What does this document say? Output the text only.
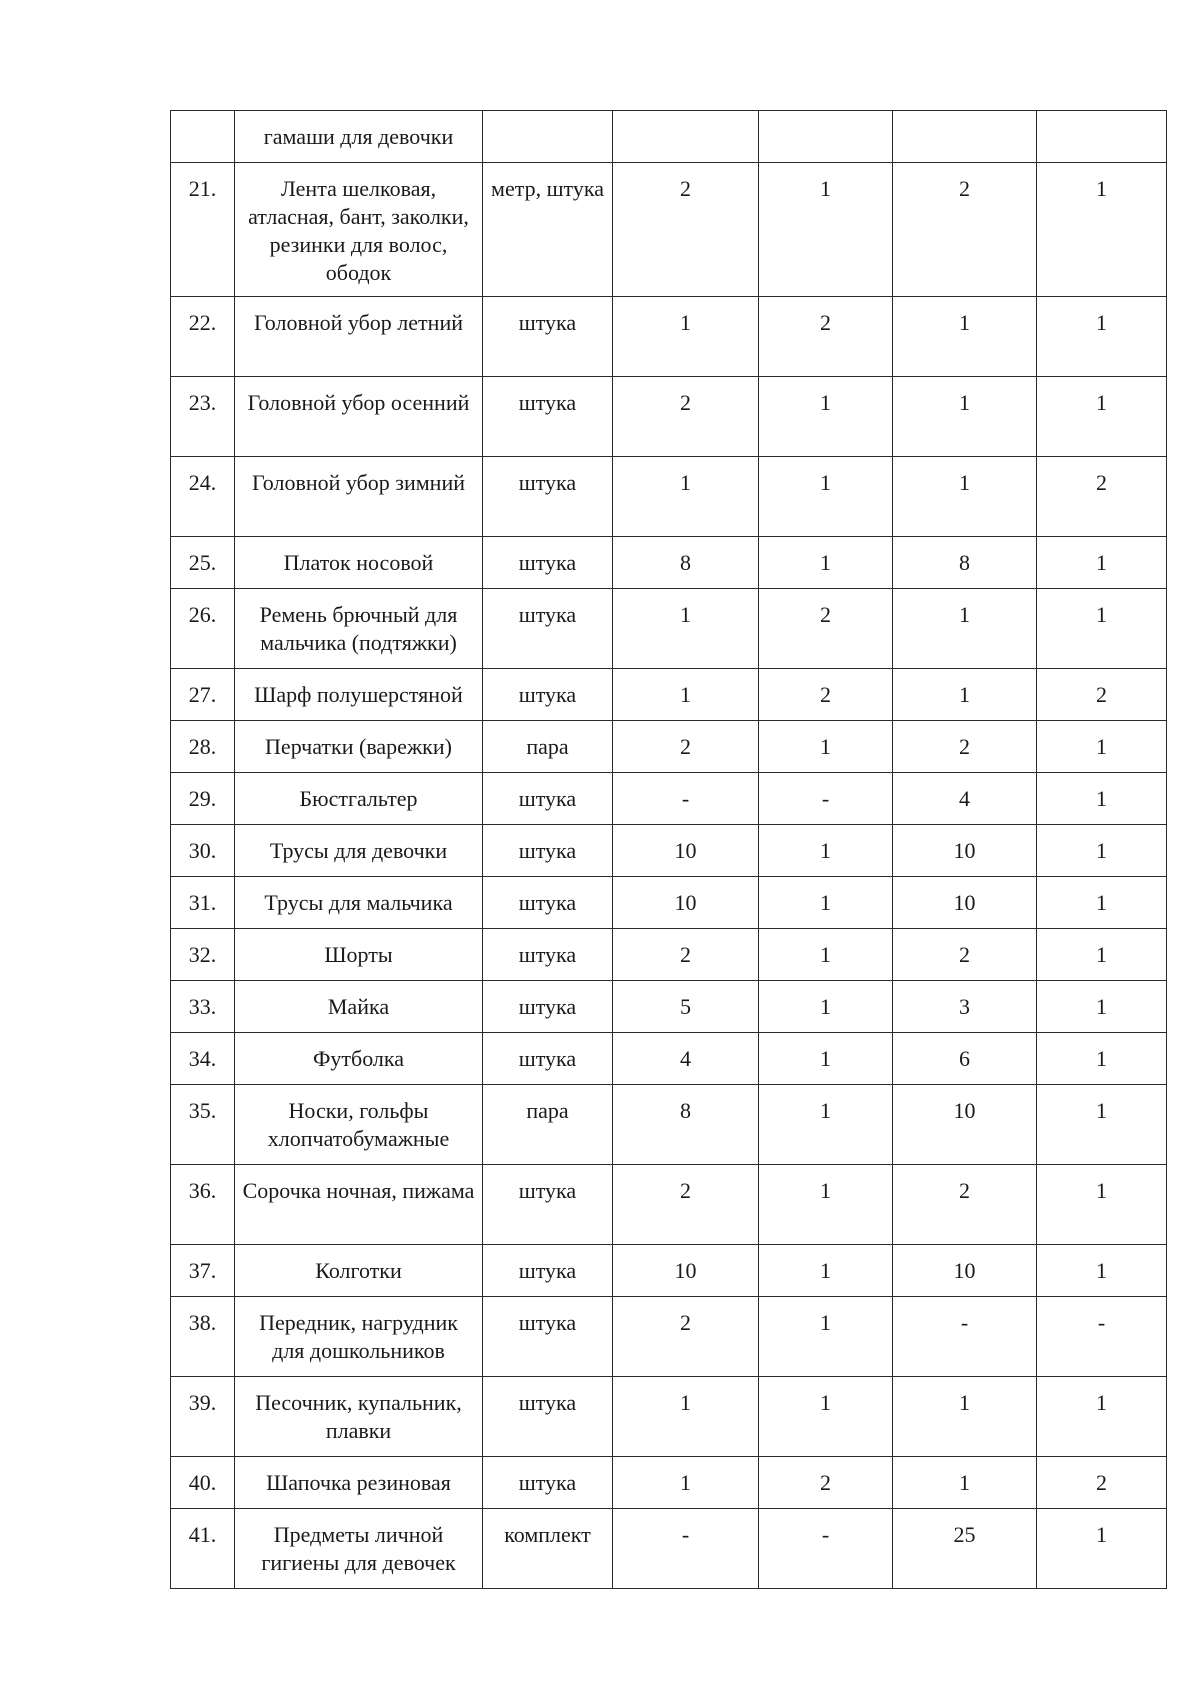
	гамаши для девочки					
21.	Лента шелковая, атласная, бант, заколки, резинки для волос, ободок	метр, штука	2	1	2	1
22.	Головной убор летний	штука	1	2	1	1
23.	Головной убор осенний	штука	2	1	1	1
24.	Головной убор зимний	штука	1	1	1	2
25.	Платок носовой	штука	8	1	8	1
26.	Ремень брючный для мальчика (подтяжки)	штука	1	2	1	1
27.	Шарф полушерстяной	штука	1	2	1	2
28.	Перчатки (варежки)	пара	2	1	2	1
29.	Бюстгальтер	штука	-	-	4	1
30.	Трусы для девочки	штука	10	1	10	1
31.	Трусы для мальчика	штука	10	1	10	1
32.	Шорты	штука	2	1	2	1
33.	Майка	штука	5	1	3	1
34.	Футболка	штука	4	1	6	1
35.	Носки, гольфы хлопчатобумажные	пара	8	1	10	1
36.	Сорочка ночная, пижама	штука	2	1	2	1
37.	Колготки	штука	10	1	10	1
38.	Передник, нагрудник для дошкольников	штука	2	1	-	-
39.	Песочник, купальник, плавки	штука	1	1	1	1
40.	Шапочка резиновая	штука	1	2	1	2
41.	Предметы личной гигиены для девочек	комплект	-	-	25	1
